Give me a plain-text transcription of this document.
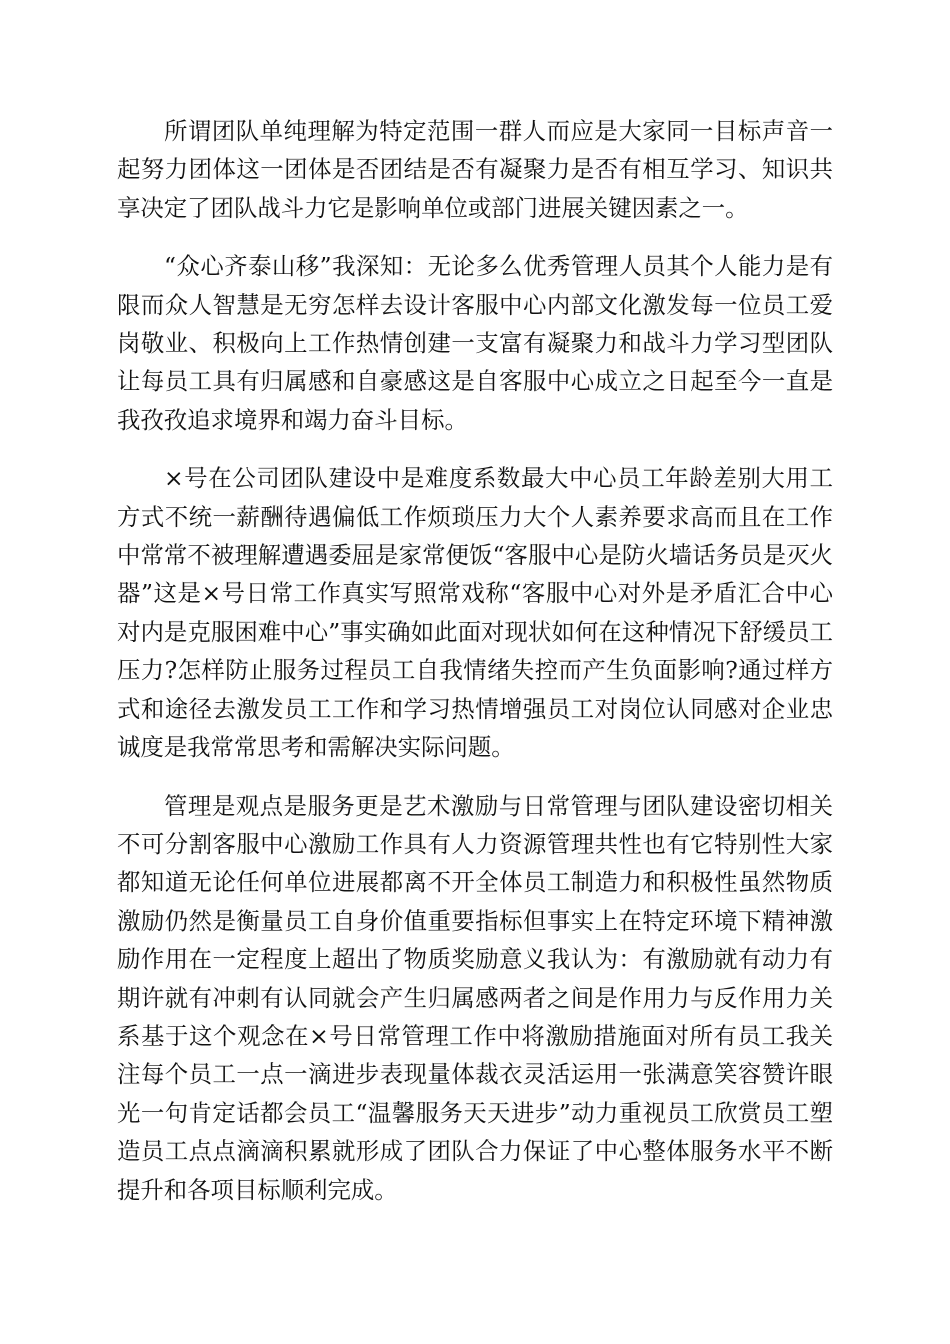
所谓团队单纯理解为特定范围一群人而应是大家同一目标声音一起努力团体这一团体是否团结是否有凝聚力是否有相互学习、知识共享决定了团队战斗力它是影响单位或部门进展关键因素之一。

“众心齐泰山移”我深知：无论多么优秀管理人员其个人能力是有限而众人智慧是无穷怎样去设计客服中心内部文化激发每一位员工爱岗敬业、积极向上工作热情创建一支富有凝聚力和战斗力学习型团队让每员工具有归属感和自豪感这是自客服中心成立之日起至今一直是我孜孜追求境界和竭力奋斗目标。

×号在公司团队建设中是难度系数最大中心员工年龄差别大用工方式不统一薪酬待遇偏低工作烦琐压力大个人素养要求高而且在工作中常常不被理解遭遇委屈是家常便饭“客服中心是防火墙话务员是灭火器”这是×号日常工作真实写照常戏称“客服中心对外是矛盾汇合中心对内是克服困难中心”事实确如此面对现状如何在这种情况下舒缓员工压力?怎样防止服务过程员工自我情绪失控而产生负面影响?通过样方式和途径去激发员工工作和学习热情增强员工对岗位认同感对企业忠诚度是我常常思考和需解决实际问题。

管理是观点是服务更是艺术激励与日常管理与团队建设密切相关不可分割客服中心激励工作具有人力资源管理共性也有它特别性大家都知道无论任何单位进展都离不开全体员工制造力和积极性虽然物质激励仍然是衡量员工自身价值重要指标但事实上在特定环境下精神激励作用在一定程度上超出了物质奖励意义我认为：有激励就有动力有期许就有冲刺有认同就会产生归属感两者之间是作用力与反作用力关系基于这个观念在×号日常管理工作中将激励措施面对所有员工我关注每个员工一点一滴进步表现量体裁衣灵活运用一张满意笑容赞许眼光一句肯定话都会员工“温馨服务天天进步”动力重视员工欣赏员工塑造员工点点滴滴积累就形成了团队合力保证了中心整体服务水平不断提升和各项目标顺利完成。
